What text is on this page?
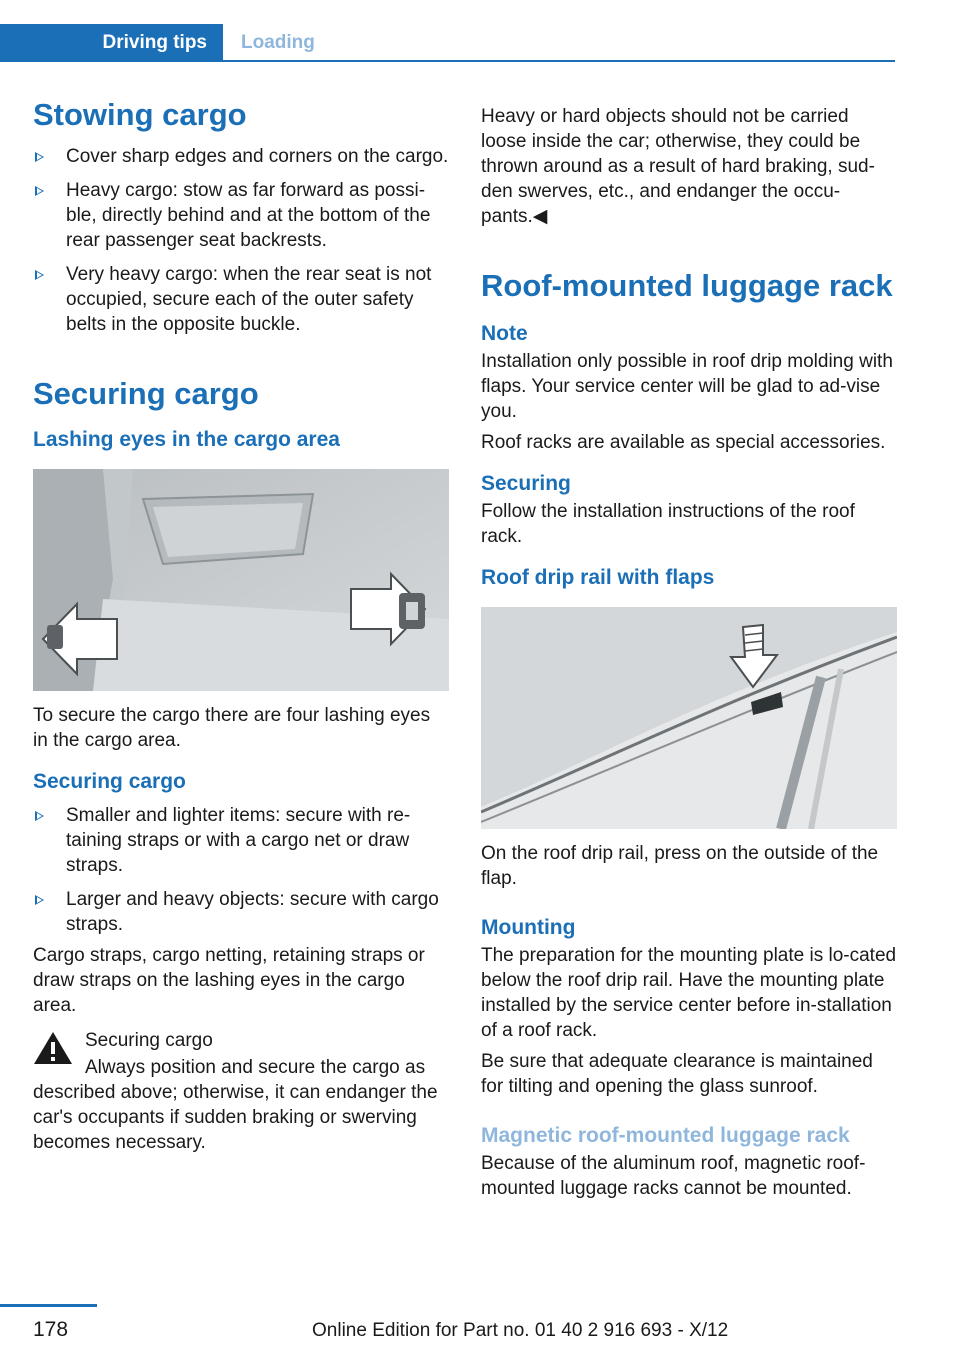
Driving tips	Loading
Stowing cargo
Cover sharp edges and corners on the cargo.
Heavy cargo: stow as far forward as possi‐ble, directly behind and at the bottom of the rear passenger seat backrests.
Very heavy cargo: when the rear seat is not occupied, secure each of the outer safety belts in the opposite buckle.
Securing cargo
Lashing eyes in the cargo area

To secure the cargo there are four lashing eyes in the cargo area.

Securing cargo
Smaller and lighter items: secure with re‐taining straps or with a cargo net or draw straps.
Larger and heavy objects: secure with cargo straps.

Cargo straps, cargo netting, retaining straps or draw straps on the lashing eyes in the cargo area.

Securing cargo

Always position and secure the cargo as

described above; otherwise, it can endanger the car's occupants if sudden braking or swerving becomes necessary.

Heavy or hard objects should not be carried loose inside the car; otherwise, they could be thrown around as a result of hard braking, sud‐den swerves, etc., and endanger the occu‐pants.◀

Roof-mounted luggage rack
Note

Installation only possible in roof drip molding with flaps. Your service center will be glad to ad‐vise you.

Roof racks are available as special accessories.

Securing

Follow the installation instructions of the roof rack.

Roof drip rail with flaps

On the roof drip rail, press on the outside of the flap.

Mounting

The preparation for the mounting plate is lo‐cated below the roof drip rail. Have the mounting plate installed by the service center before in‐stallation of a roof rack.

Be sure that adequate clearance is maintained for tilting and opening the glass sunroof.

Magnetic roof-mounted luggage rack

Because of the aluminum roof, magnetic roof-mounted luggage racks cannot be mounted.

178	Online Edition for Part no. 01 40 2 916 693 - X/12
